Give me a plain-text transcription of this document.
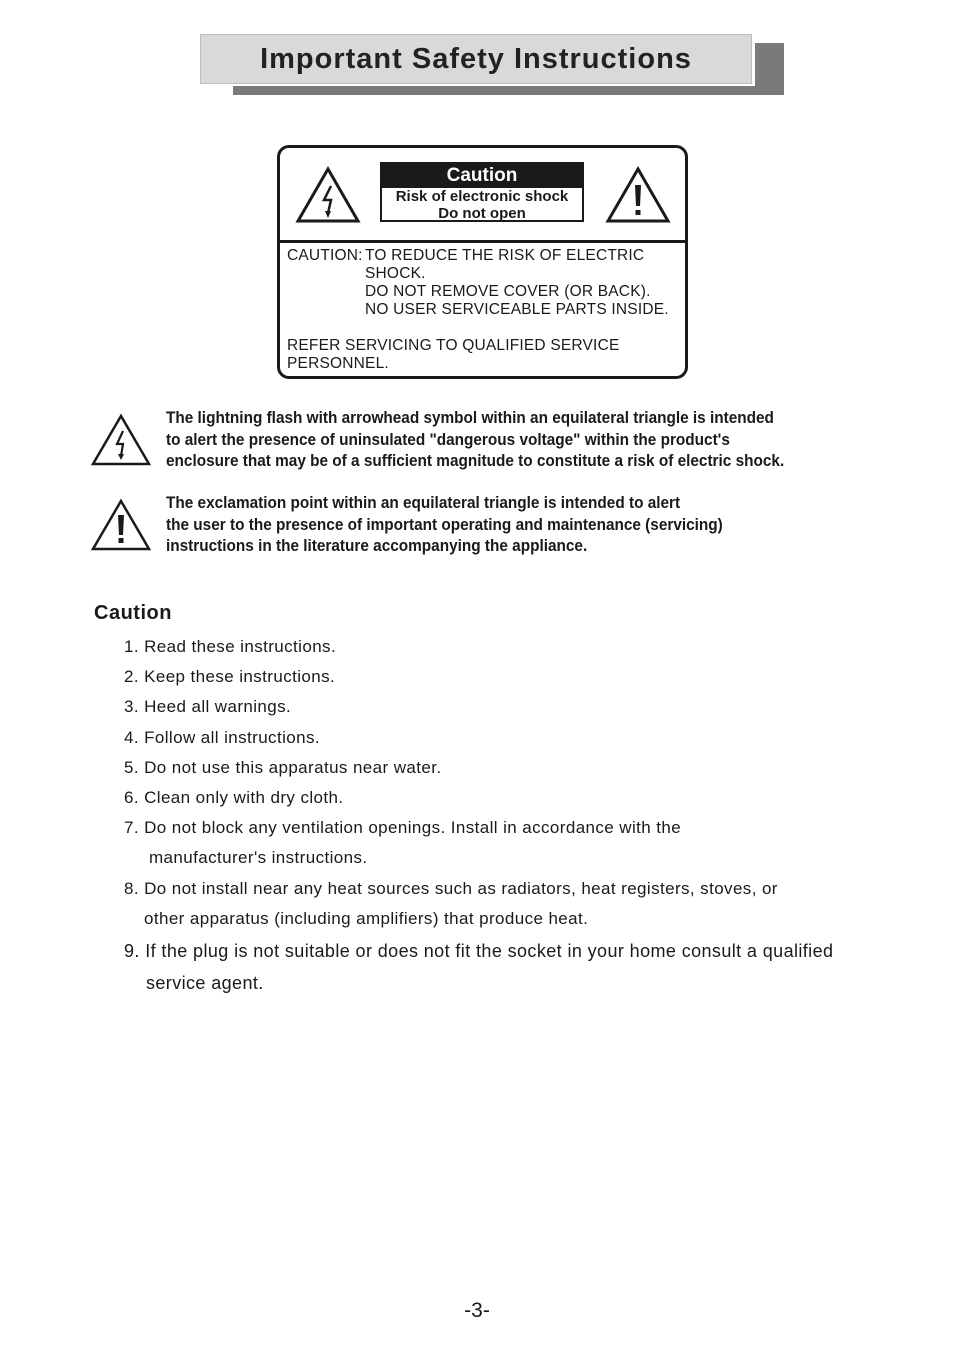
Important Safety Instructions
Caution
Risk of electronic shock
Do not open
CAUTION: TO REDUCE THE RISK OF ELECTRIC
SHOCK.
DO NOT REMOVE COVER (OR BACK).
NO USER SERVICEABLE PARTS INSIDE.
REFER SERVICING TO QUALIFIED SERVICE
PERSONNEL.
The lightning flash with arrowhead symbol within an equilateral triangle is intended
to alert the presence of uninsulated "dangerous voltage" within the product's
enclosure that may be of a sufficient magnitude to constitute a risk of electric shock.
The exclamation point within an equilateral triangle is intended to alert
the user to the presence of important operating and maintenance (servicing)
instructions in the literature accompanying the appliance.
Caution
1. Read these instructions.
2. Keep these instructions.
3. Heed all warnings.
4. Follow all instructions.
5. Do not use this apparatus near water.
6. Clean only with dry cloth.
7. Do not block any ventilation openings. Install in accordance with the
manufacturer's instructions.
8. Do not install near any heat sources such as radiators, heat registers, stoves, or
other apparatus (including amplifiers) that produce heat.
9. If the plug is not suitable or does not fit the socket in your home consult a qualified
service agent.
-3-
